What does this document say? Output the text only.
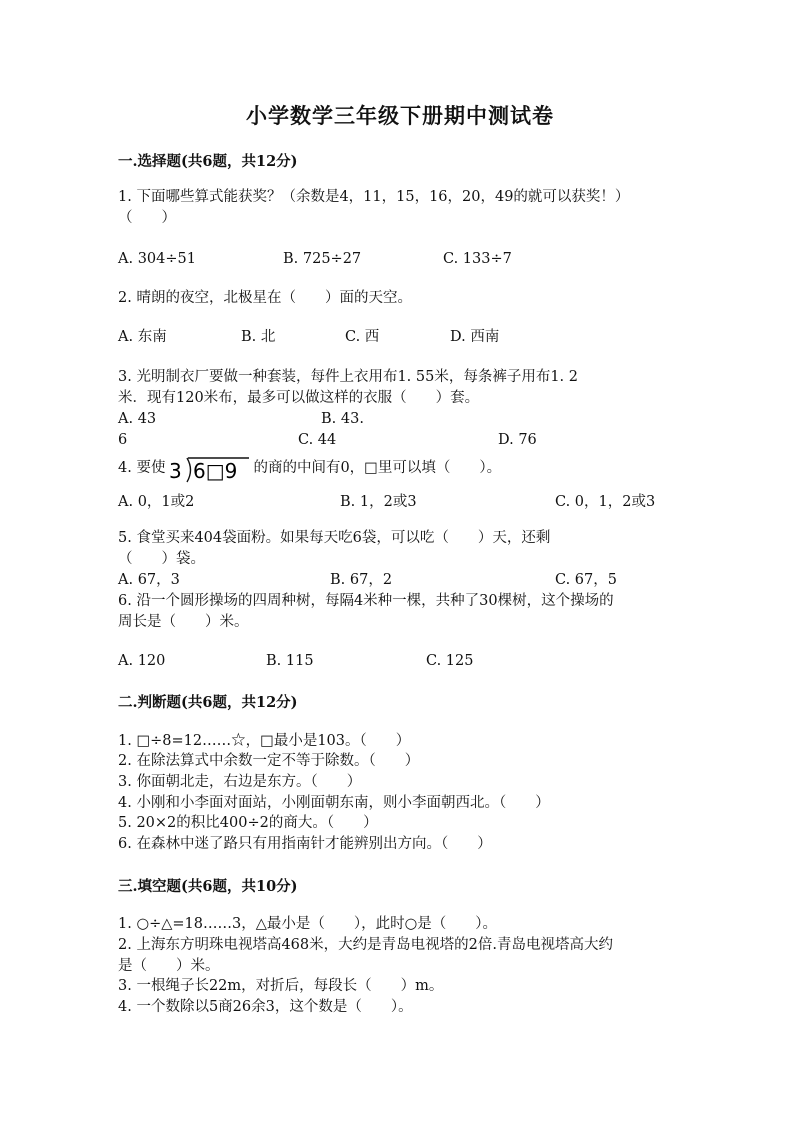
小学数学三年级下册期中测试卷
一.选择题(共6题，共12分)
1. 下面哪些算式能获奖？（余数是4，11，15，16，20，49的就可以获奖！）
（　　）
A. 304÷51	B. 725÷27	C. 133÷7
2. 晴朗的夜空，北极星在（　　）面的天空。
A. 东南	B. 北	C. 西	D. 西南
3. 光明制衣厂要做一种套装，每件上衣用布1. 55米，每条裤子用布1. 2
米．现有120米布，最多可以做这样的衣服（　　）套。
A. 43	B. 43.
6	C. 44	D. 76
4. 要使 3 6□9 的商的中间有0，□里可以填（　　）。
A. 0，1或2	B. 1，2或3	C. 0，1，2或3
5. 食堂买来404袋面粉。如果每天吃6袋，可以吃（　　）天，还剩
（　　）袋。
A. 67，3	B. 67，2	C. 67，5
6. 沿一个圆形操场的四周种树，每隔4米种一棵，共种了30棵树，这个操场的
周长是（　　）米。
A. 120	B. 115	C. 125
二.判断题(共6题，共12分)
1. □÷8=12……☆，□最小是103。（　　）
2. 在除法算式中余数一定不等于除数。（　　）
3. 你面朝北走，右边是东方。（　　）
4. 小刚和小李面对面站，小刚面朝东南，则小李面朝西北。（　　）
5. 20×2的积比400÷2的商大。（　　）
6. 在森林中迷了路只有用指南针才能辨别出方向。（　　）
三.填空题(共6题，共10分)
1. ○÷△=18……3，△最小是（　　），此时○是（　　）。
2. 上海东方明珠电视塔高468米，大约是青岛电视塔的2倍.青岛电视塔高大约
是（　　）米。
3. 一根绳子长22m，对折后，每段长（　　）m。
4. 一个数除以5商26余3，这个数是（　　）。
